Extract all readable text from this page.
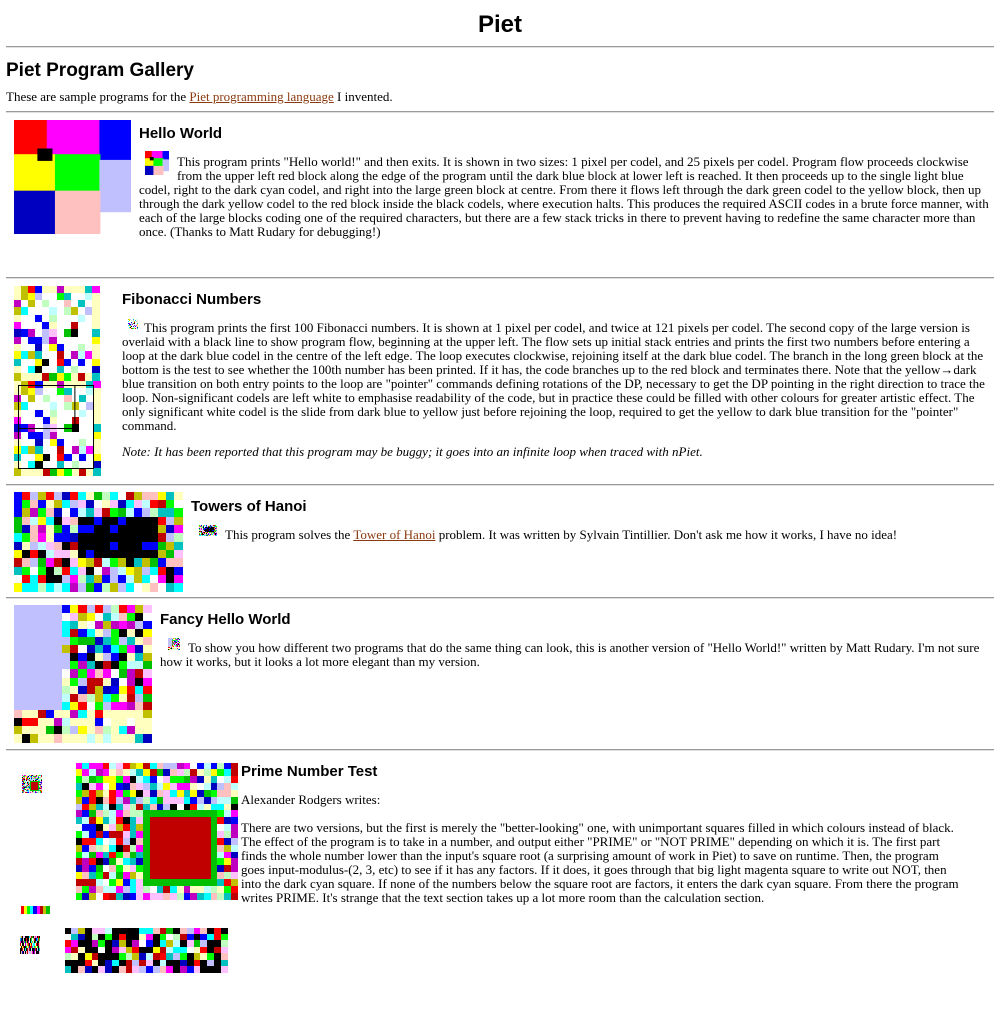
Piet
Piet Program Gallery

These are sample programs for the Piet programming language I invented.

Hello World

This program prints "Hello world!" and then exits. It is shown in two sizes: 1 pixel per codel, and 25 pixels per codel. Program flow proceeds clockwise from the upper left red block along the edge of the program until the dark blue block at lower left is reached. It then proceeds up to the single light blue codel, right to the dark cyan codel, and right into the large green block at centre. From there it flows left through the dark green codel to the yellow block, then up through the dark yellow codel to the red block inside the black codels, where execution halts. This produces the required ASCII codes in a brute force manner, with each of the large blocks coding one of the required characters, but there are a few stack tricks in there to prevent having to redefine the same character more than once. (Thanks to Matt Rudary for debugging!)

Fibonacci Numbers

This program prints the first 100 Fibonacci numbers. It is shown at 1 pixel per codel, and twice at 121 pixels per codel. The second copy of the large version is overlaid with a black line to show program flow, beginning at the upper left. The flow sets up initial stack entries and prints the first two numbers before entering a loop at the dark blue codel in the centre of the left edge. The loop executes clockwise, rejoining itself at the dark blue codel. The branch in the long green block at the bottom is the test to see whether the 100th number has been printed. If it has, the code branches up to the red block and terminates there. Note that the yellow→dark blue transition on both entry points to the loop are "pointer" commands defining rotations of the DP, necessary to get the DP pointing in the right direction to trace the loop. Non-significant codels are left white to emphasise readability of the code, but in practice these could be filled with other colours for greater artistic effect. The only significant white codel is the slide from dark blue to yellow just before rejoining the loop, required to get the yellow to dark blue transition for the "pointer" command.

Note: It has been reported that this program may be buggy; it goes into an infinite loop when traced with nPiet.

Towers of Hanoi

This program solves the Tower of Hanoi problem. It was written by Sylvain Tintillier. Don't ask me how it works, I have no idea!

Fancy Hello World

To show you how different two programs that do the same thing can look, this is another version of "Hello World!" written by Matt Rudary. I'm not sure how it works, but it looks a lot more elegant than my version.

Prime Number Test

Alexander Rodgers writes:

There are two versions, but the first is merely the "better-looking" one, with unimportant squares filled in which colours instead of black. The effect of the program is to take in a number, and output either "PRIME" or "NOT PRIME" depending on which it is. The first part finds the whole number lower than the input's square root (a surprising amount of work in Piet) to save on runtime. Then, the program goes input-modulus-(2, 3, etc) to see if it has any factors. If it does, it goes through that big light magenta square to write out NOT, then into the dark cyan square. If none of the numbers below the square root are factors, it enters the dark cyan square. From there the program writes PRIME. It's strange that the text section takes up a lot more room than the calculation section.
